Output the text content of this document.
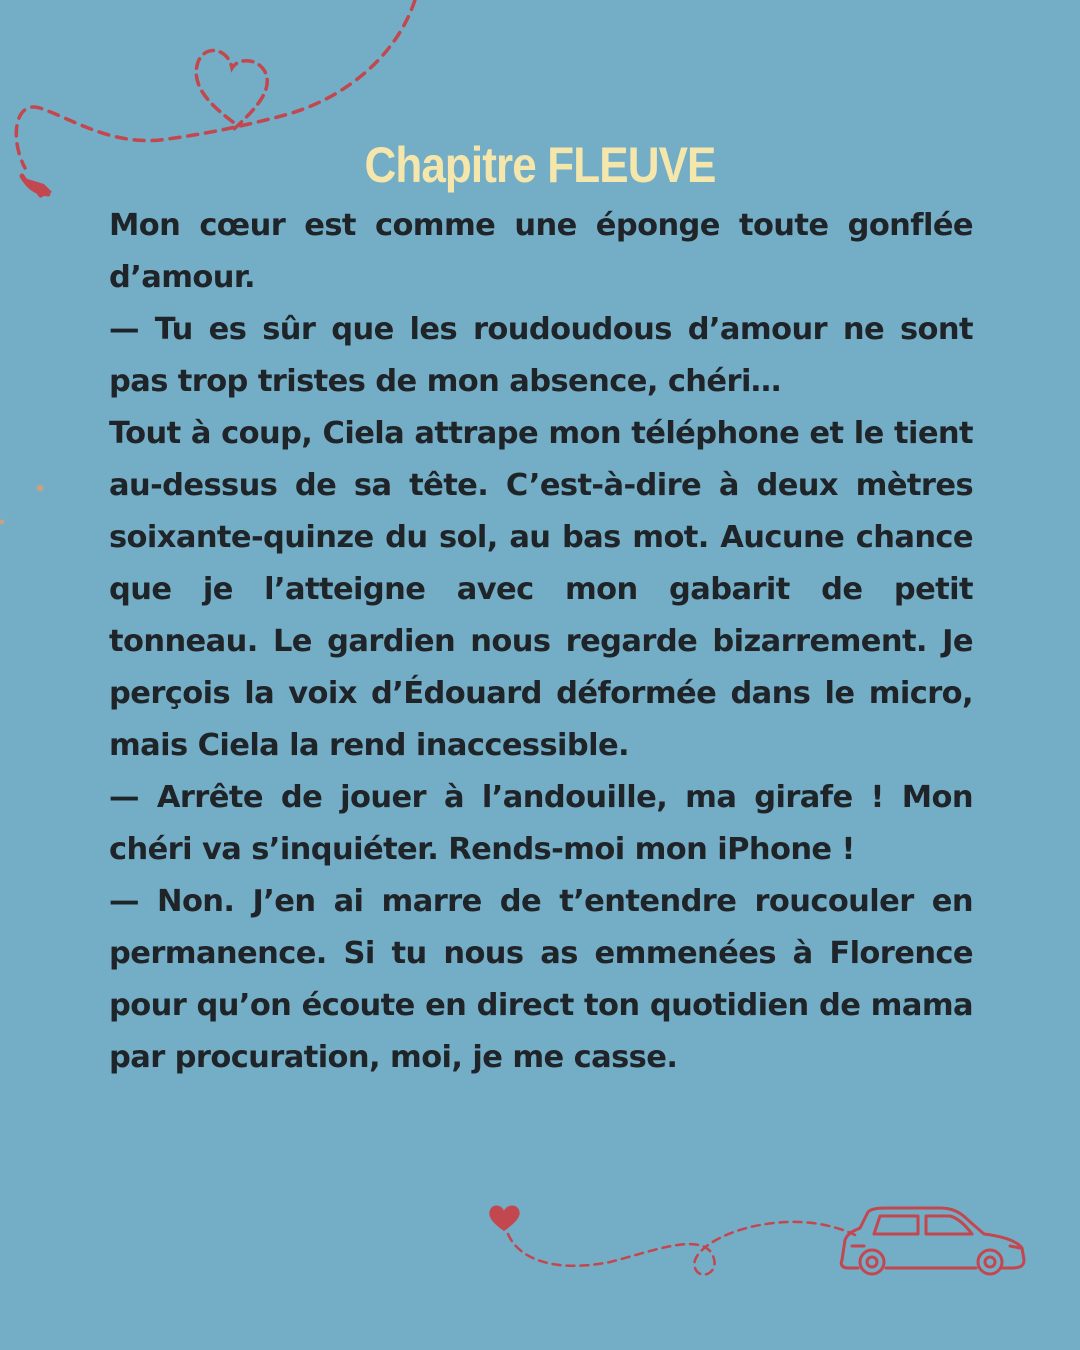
Chapitre FLEUVE

Mon cœur est comme une éponge toute gonflée d’amour.

— Tu es sûr que les roudoudous d’amour ne sont pas trop tristes de mon absence, chéri…

Tout à coup, Ciela attrape mon téléphone et le tient au-dessus de sa tête. C’est-à-dire à deux mètres soixante-quinze du sol, au bas mot. Aucune chance que je l’atteigne avec mon gabarit de petit tonneau. Le gardien nous regarde bizarrement. Je perçois la voix d’Édouard déformée dans le micro, mais Ciela la rend inaccessible.

— Arrête de jouer à l’andouille, ma girafe ! Mon chéri va s’inquiéter. Rends-moi mon iPhone !

— Non. J’en ai marre de t’entendre roucouler en permanence. Si tu nous as emmenées à Florence pour qu’on écoute en direct ton quotidien de mama par procuration, moi, je me casse.
